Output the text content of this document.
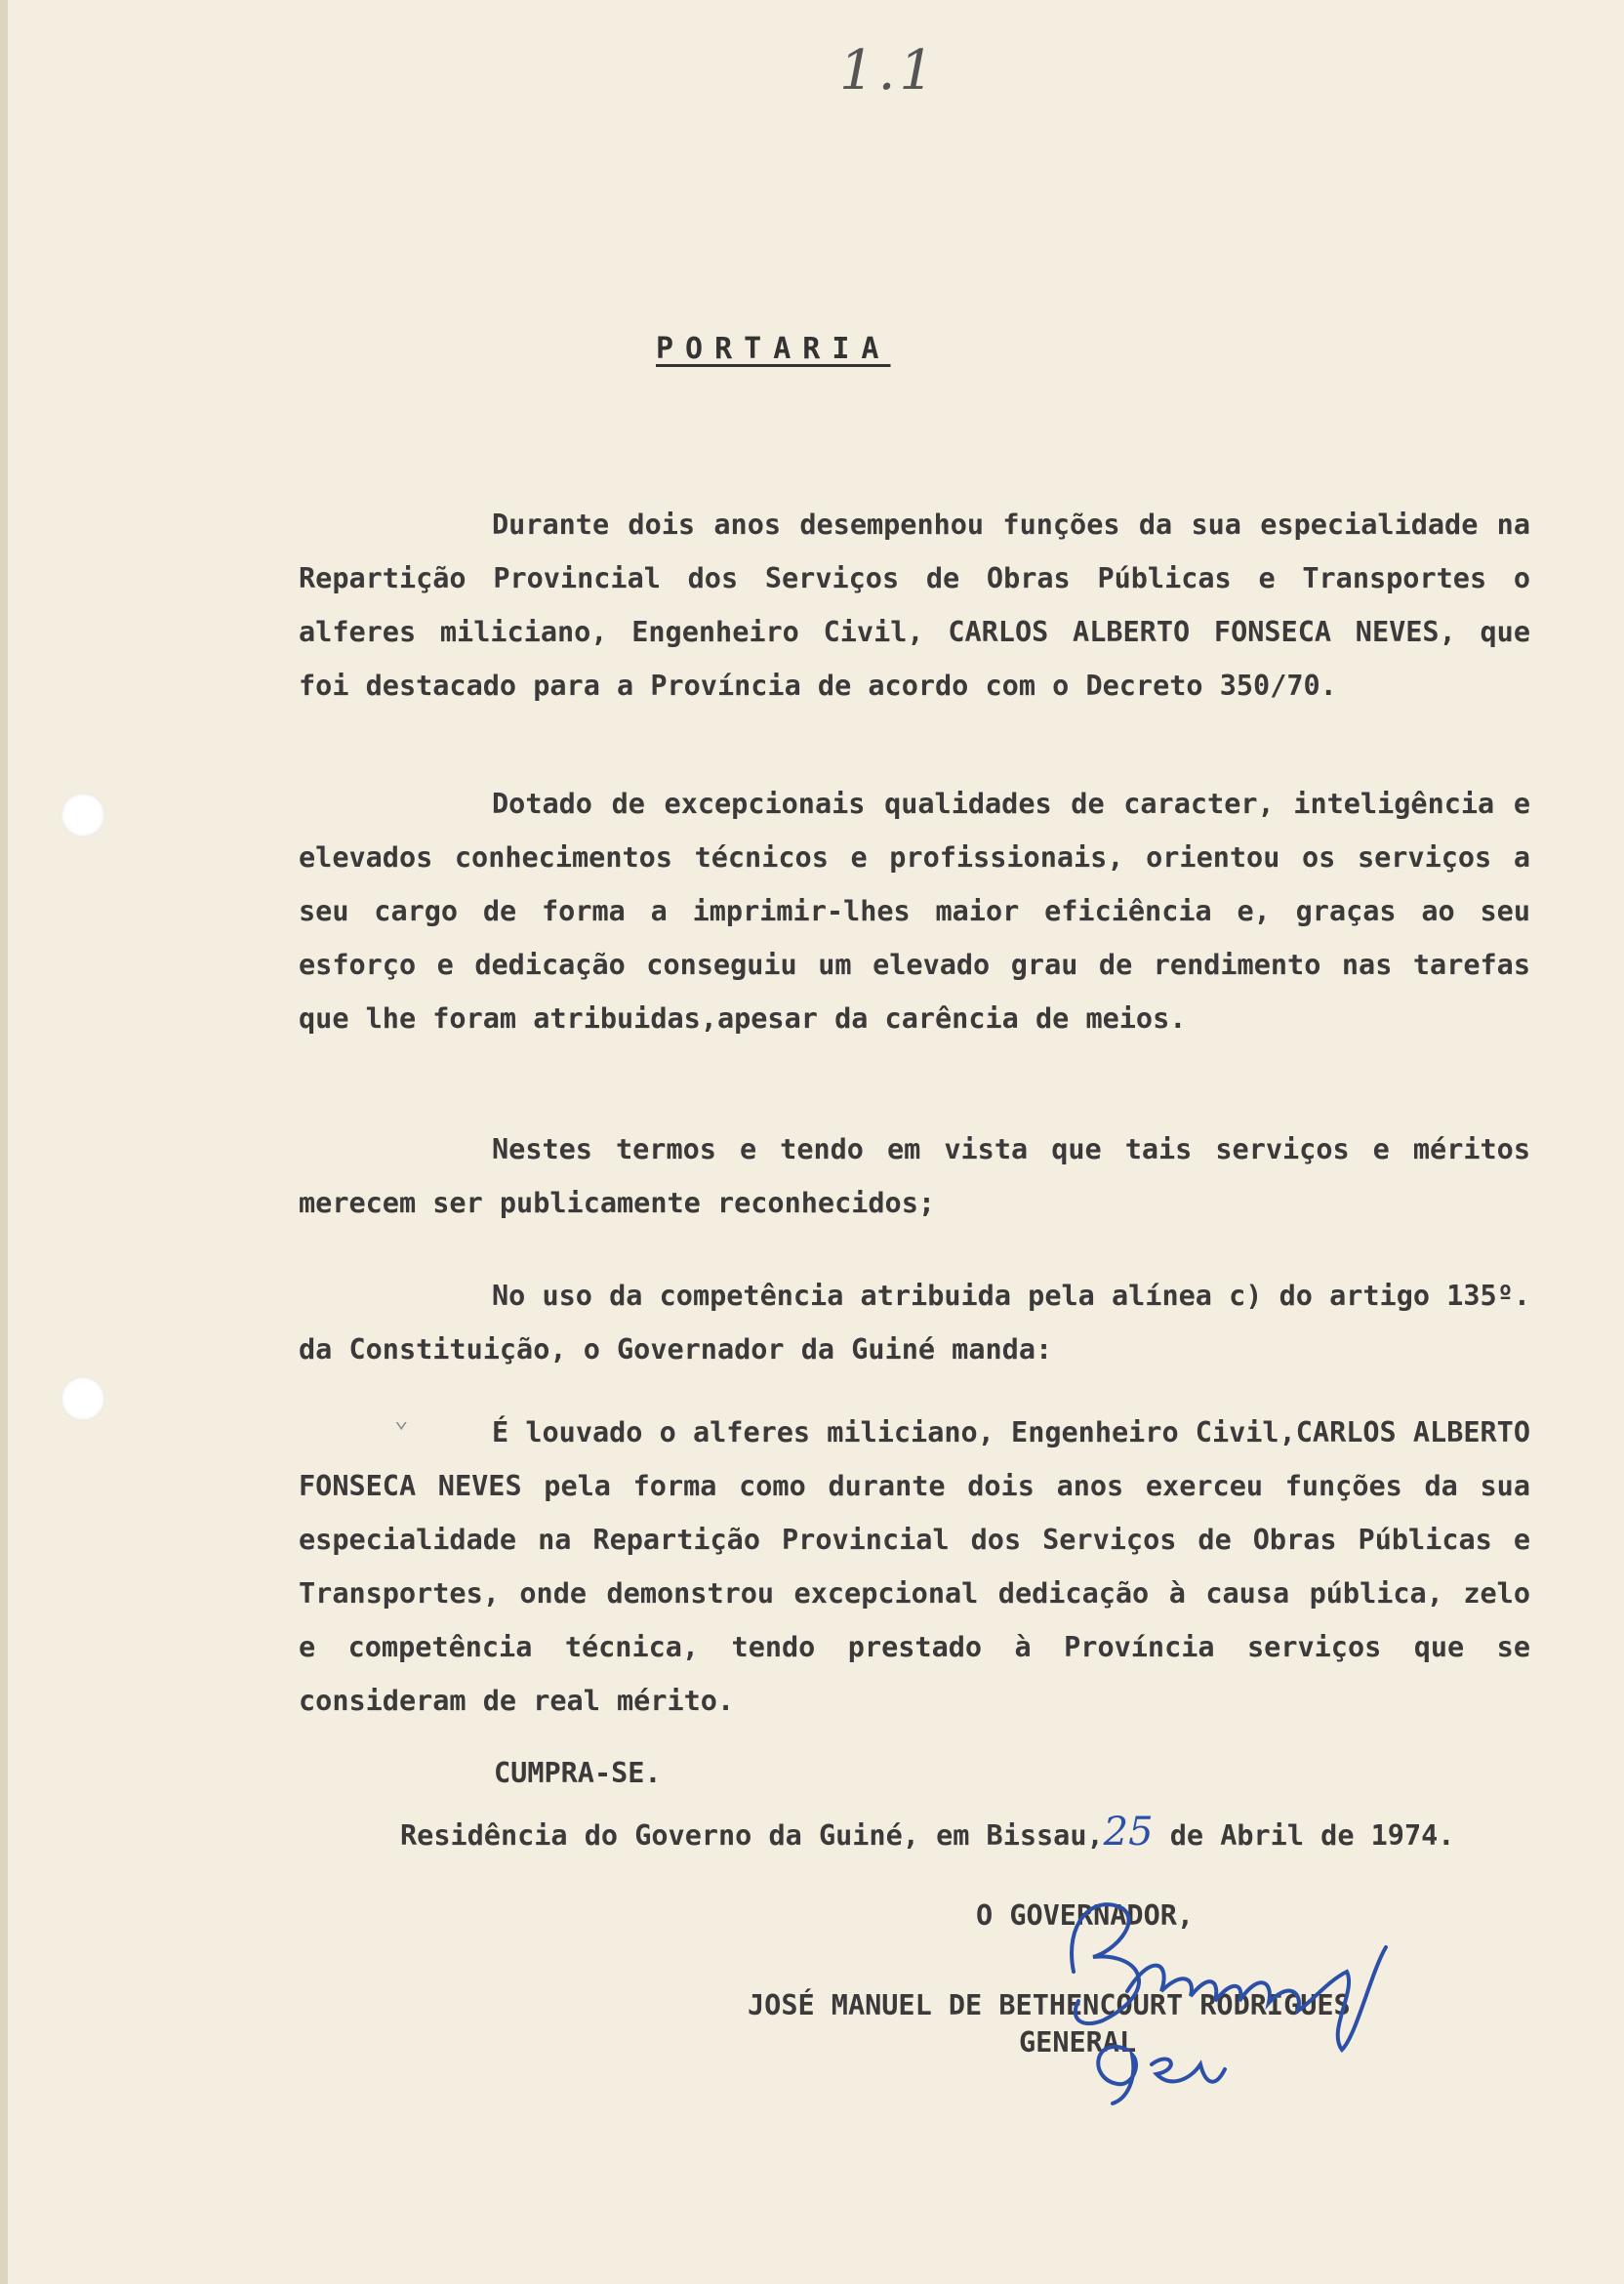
1.1
PORTARIA

Durante dois anos desempenhou funções da sua especialidade na Repartição Provincial dos Serviços de Obras Públicas e Transportes o alferes miliciano, Engenheiro Civil, CARLOS ALBERTO FONSECA NEVES, que foi destacado para a Província de acordo com o Decreto 350/70.

Dotado de excepcionais qualidades de caracter, inteligência e elevados conhecimentos técnicos e profissionais, orientou os serviços a seu cargo de forma a imprimir-lhes maior eficiência e, graças ao seu esforço e dedicação conseguiu um elevado grau de rendimento nas tarefas que lhe foram atribuidas,apesar da carência de meios.

Nestes termos e tendo em vista que tais serviços e méritos merecem ser publicamente reconhecidos;

No uso da competência atribuida pela alínea c) do artigo 135º. da Constituição, o Governador da Guiné manda:

⌄	É louvado o alferes miliciano, Engenheiro Civil,CARLOS ALBERTO FONSECA NEVES pela forma como durante dois anos exerceu funções da sua especialidade na Repartição Provincial dos Serviços de Obras Públicas e Transportes, onde demonstrou excepcional dedicação à causa pública, zelo e competência técnica, tendo prestado à Província serviços que se consideram de real mérito.

CUMPRA-SE.

Residência do Governo da Guiné, em Bissau,25 de Abril de 1974.

O GOVERNADOR,
JOSÉ MANUEL DE BETHENCOURT RODRIGUES
GENERAL
